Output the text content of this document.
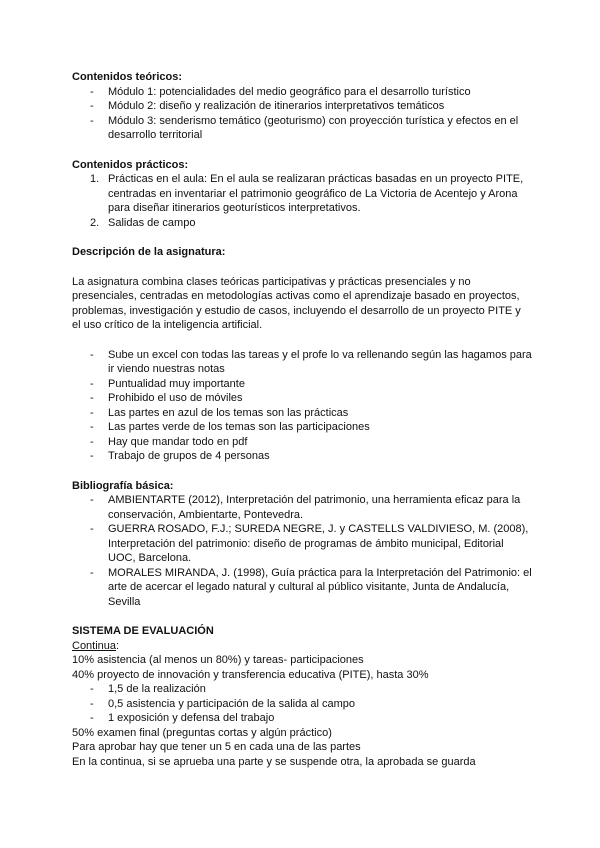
Contenidos teóricos:

- Módulo 1: potencialidades del medio geográfico para el desarrollo turístico
- Módulo 2: diseño y realización de itinerarios interpretativos temáticos
- Módulo 3: senderismo temático (geoturismo) con proyección turística y efectos en el desarrollo territorial

Contenidos prácticos:

1. Prácticas en el aula: En el aula se realizaran prácticas basadas en un proyecto PITE, centradas en inventariar el patrimonio geográfico de La Victoria de Acentejo y Arona para diseñar itinerarios geoturísticos interpretativos.
2. Salidas de campo

Descripción de la asignatura:

La asignatura combina clases teóricas participativas y prácticas presenciales y no presenciales, centradas en metodologías activas como el aprendizaje basado en proyectos, problemas, investigación y estudio de casos, incluyendo el desarrollo de un proyecto PITE y el uso crítico de la inteligencia artificial.

- Sube un excel con todas las tareas y el profe lo va rellenando según las hagamos para ir viendo nuestras notas
- Puntualidad muy importante
- Prohibido el uso de móviles
- Las partes en azul de los temas son las prácticas
- Las partes verde de los temas son las participaciones
- Hay que mandar todo en pdf
- Trabajo de grupos de 4 personas

Bibliografía básica:

- AMBIENTARTE (2012), Interpretación del patrimonio, una herramienta eficaz para la conservación, Ambientarte, Pontevedra.
- GUERRA ROSADO, F.J.; SUREDA NEGRE, J. y CASTELLS VALDIVIESO, M. (2008), Interpretación del patrimonio: diseño de programas de ámbito municipal, Editorial UOC, Barcelona.
- MORALES MIRANDA, J. (1998), Guía práctica para la Interpretación del Patrimonio: el arte de acercar el legado natural y cultural al público visitante, Junta de Andalucía, Sevilla

SISTEMA DE EVALUACIÓN

Continua:

10% asistencia (al menos un 80%) y tareas- participaciones

40% proyecto de innovación y transferencia educativa (PITE), hasta 30%

- 1,5 de la realización
- 0,5 asistencia y participación de la salida al campo
- 1 exposición y defensa del trabajo

50% examen final (preguntas cortas y algún práctico)

Para aprobar hay que tener un 5 en cada una de las partes

En la continua, si se aprueba una parte y se suspende otra, la aprobada se guarda
